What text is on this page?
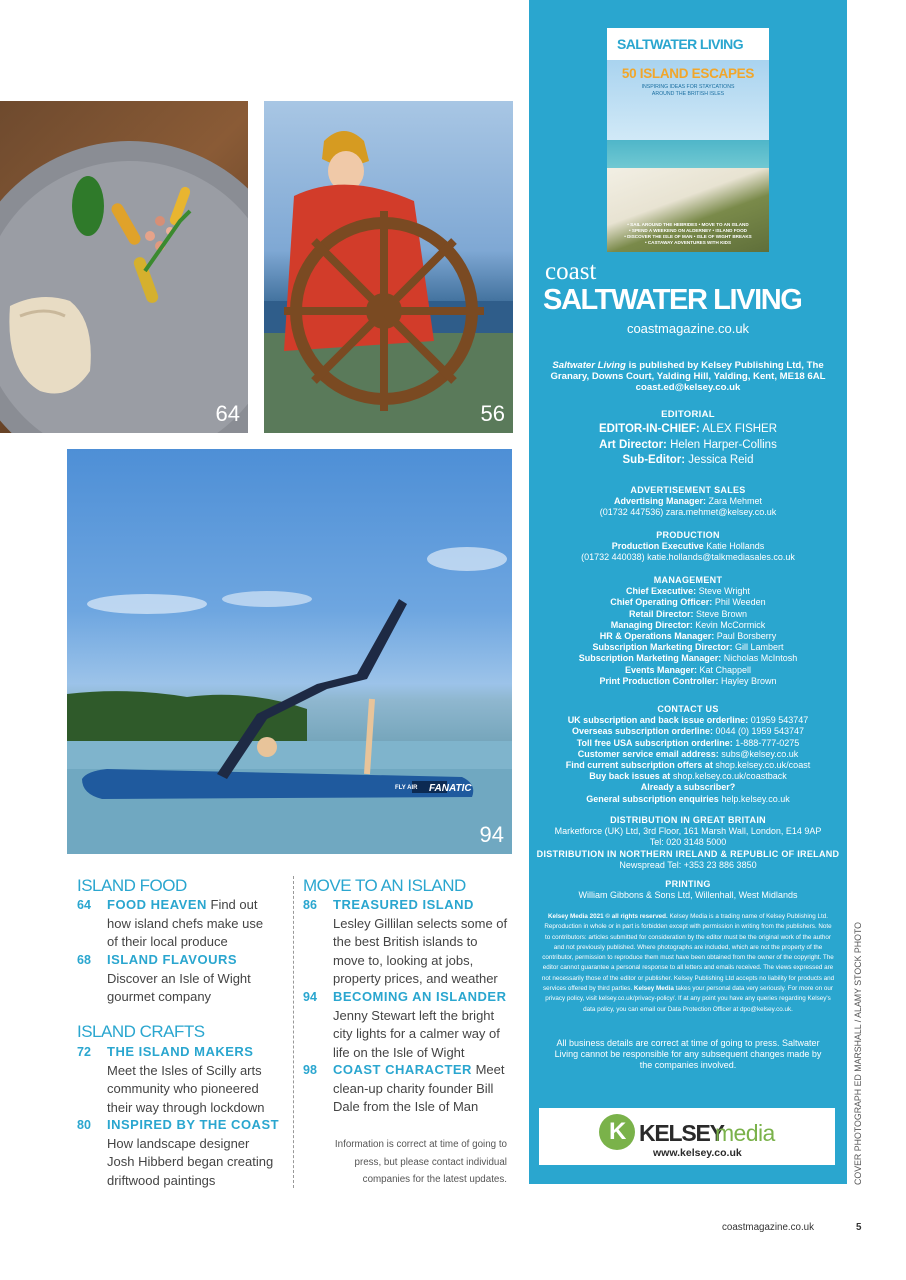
64	56
FANATIC
FLY AIR
94
SALTWATER LIVING
50 ISLAND ESCAPES
INSPIRING IDEAS FOR STAYCATIONS
AROUND THE BRITISH ISLES
• SAIL AROUND THE HEBRIDES • MOVE TO AN ISLAND
• SPEND A WEEKEND ON ALDERNEY • ISLAND FOOD
• DISCOVER THE ISLE OF MAN • ISLE OF WIGHT BREAKS
• CASTAWAY ADVENTURES WITH KIDS
coast
SALTWATER LIVING
coastmagazine.co.uk
Saltwater Living is published by Kelsey Publishing Ltd, The
Granary, Downs Court, Yalding Hill, Yalding, Kent, ME18 6AL
coast.ed@kelsey.co.uk
EDITORIAL
EDITOR-IN-CHIEF: ALEX FISHER
Art Director: Helen Harper-Collins
Sub-Editor: Jessica Reid
ADVERTISEMENT SALES
Advertising Manager: Zara Mehmet
(01732 447536) zara.mehmet@kelsey.co.uk
PRODUCTION
Production Executive Katie Hollands
(01732 440038) katie.hollands@talkmediasales.co.uk
MANAGEMENT
Chief Executive: Steve Wright
Chief Operating Officer: Phil Weeden
Retail Director: Steve Brown
Managing Director: Kevin McCormick
HR & Operations Manager: Paul Borsberry
Subscription Marketing Director: Gill Lambert
Subscription Marketing Manager: Nicholas McIntosh
Events Manager: Kat Chappell
Print Production Controller: Hayley Brown
CONTACT US
UK subscription and back issue orderline: 01959 543747
Overseas subscription orderline: 0044 (0) 1959 543747
Toll free USA subscription orderline: 1-888-777-0275
Customer service email address: subs@kelsey.co.uk
Find current subscription offers at shop.kelsey.co.uk/coast
Buy back issues at shop.kelsey.co.uk/coastback
Already a subscriber?
General subscription enquiries help.kelsey.co.uk
DISTRIBUTION IN GREAT BRITAIN
Marketforce (UK) Ltd, 3rd Floor, 161 Marsh Wall, London, E14 9AP
Tel: 020 3148 5000
DISTRIBUTION IN NORTHERN IRELAND & REPUBLIC OF IRELAND
Newspread Tel: +353 23 886 3850
PRINTING
William Gibbons & Sons Ltd, Willenhall, West Midlands
Kelsey Media 2021 © all rights reserved. Kelsey Media is a trading name of Kelsey Publishing Ltd. Reproduction in whole or in part is forbidden except with permission in writing from the publishers. Note to contributors: articles submitted for consideration by the editor must be the original work of the author and not previously published. Where photographs are included, which are not the property of the contributor, permission to reproduce them must have been obtained from the owner of the copyright. The editor cannot guarantee a personal response to all letters and emails received. The views expressed are not necessarily those of the editor or publisher. Kelsey Publishing Ltd accepts no liability for products and services offered by third parties. Kelsey Media takes your personal data very seriously. For more on our privacy policy, visit kelsey.co.uk/privacy-policy/. If at any point you have any queries regarding Kelsey's data policy, you can email our Data Protection Officer at dpo@kelsey.co.uk.
All business details are correct at time of going to press. Saltwater Living cannot be responsible for any subsequent changes made by the companies involved.
K KELSEY
media
www.kelsey.co.uk	COVER PHOTOGRAPH ED MARSHALL / ALAMY STOCK PHOTO
ISLAND FOOD
64 FOOD HEAVEN Find out
how island chefs make use
of their local produce
68 ISLAND FLAVOURS
Discover an Isle of Wight
gourmet company
ISLAND CRAFTS
72 THE ISLAND MAKERS
Meet the Isles of Scilly arts
community who pioneered
their way through lockdown
80 INSPIRED BY THE COAST
How landscape designer
Josh Hibberd began creating
driftwood paintings
MOVE TO AN ISLAND
86 TREASURED ISLAND
Lesley Gillilan selects some of
the best British islands to
move to, looking at jobs,
property prices, and weather
94 BECOMING AN ISLANDER
Jenny Stewart left the bright
city lights for a calmer way of
life on the Isle of Wight
98 COAST CHARACTER Meet
clean-up charity founder Bill
Dale from the Isle of Man
Information is correct at time of going to
press, but please contact individual
companies for the latest updates.
coastmagazine.co.uk	5
